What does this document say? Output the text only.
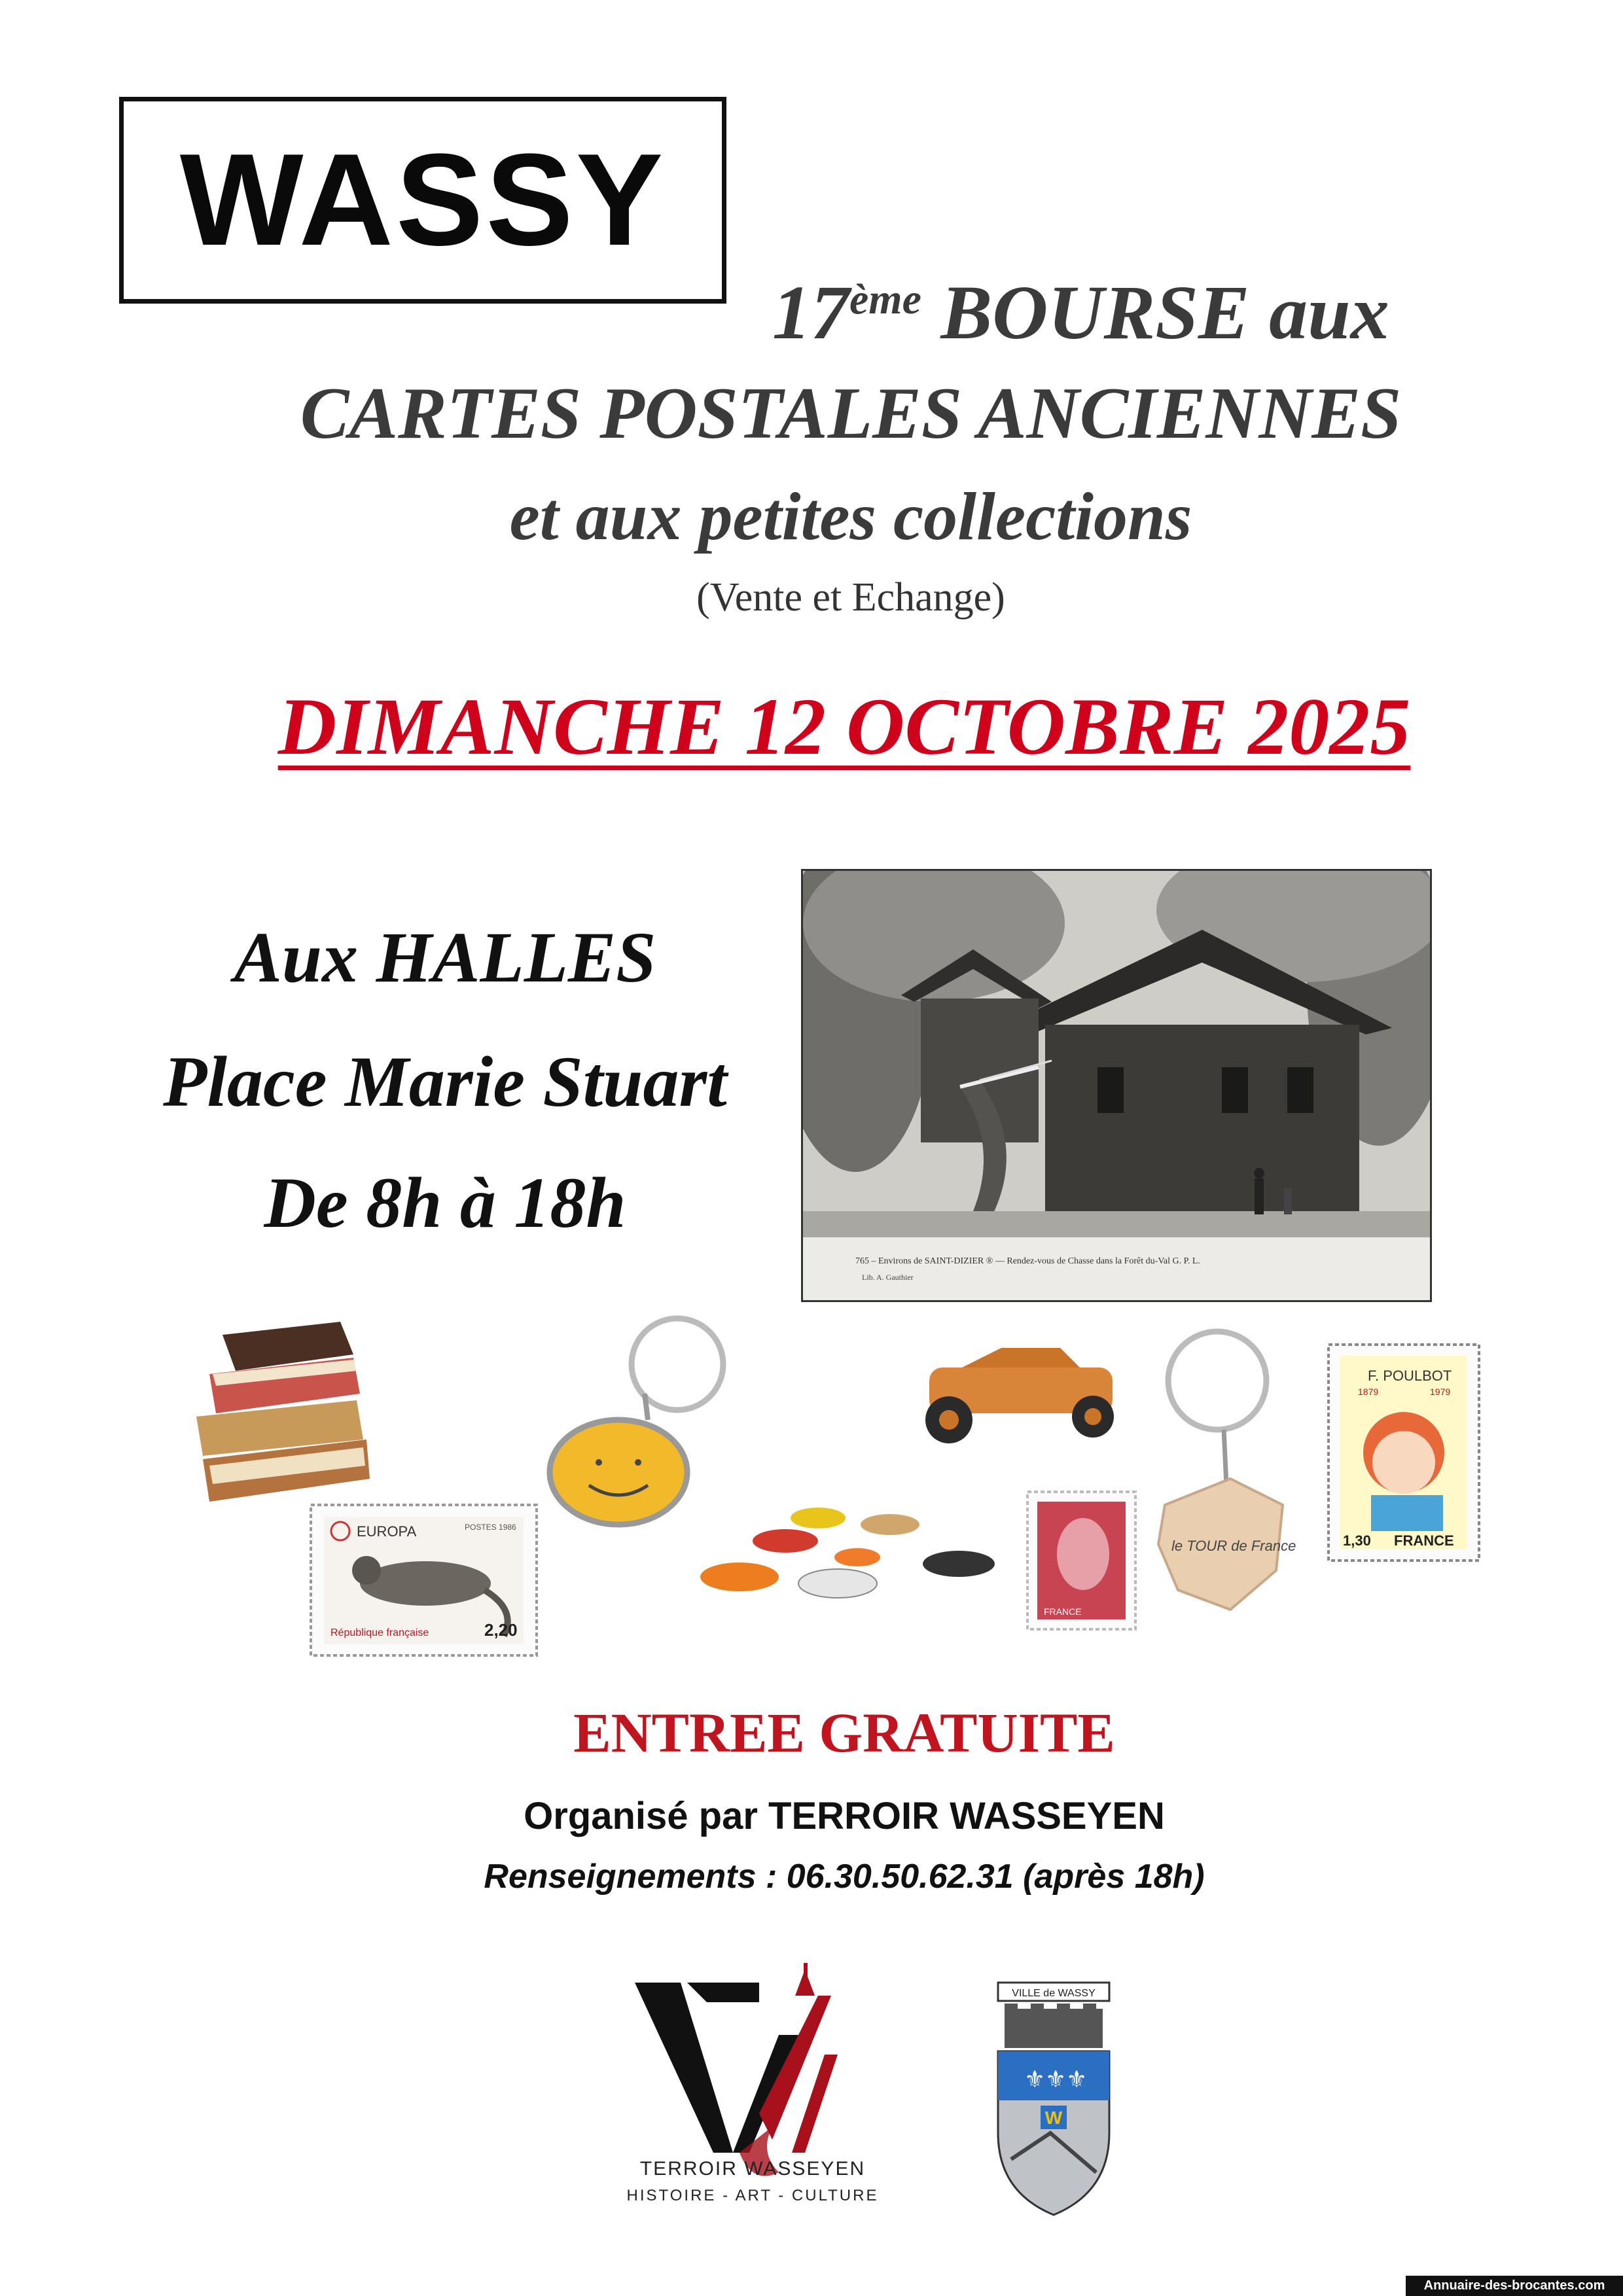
WASSY
17ème BOURSE aux
CARTES POSTALES ANCIENNES
et aux petites collections
(Vente et Echange)
DIMANCHE 12 OCTOBRE 2025
Aux HALLES
Place Marie Stuart
De 8h à 18h
765 – Environs de SAINT-DIZIER ® — Rendez-vous de Chasse dans la Forêt du-Val G. P. L.
Lib. A. Gauthier
EUROPA	POSTES 1986
République française	2,20
FRANCE
le TOUR de France
F. POULBOT
1879	1979
1,30 FRANCE
ENTREE GRATUITE
Organisé par TERROIR WASSEYEN
Renseignements : 06.30.50.62.31 (après 18h)
TERROIR WASSEYEN
HISTOIRE - ART - CULTURE
VILLE de WASSY
⚜ ⚜ ⚜
W
Annuaire-des-brocantes.com
